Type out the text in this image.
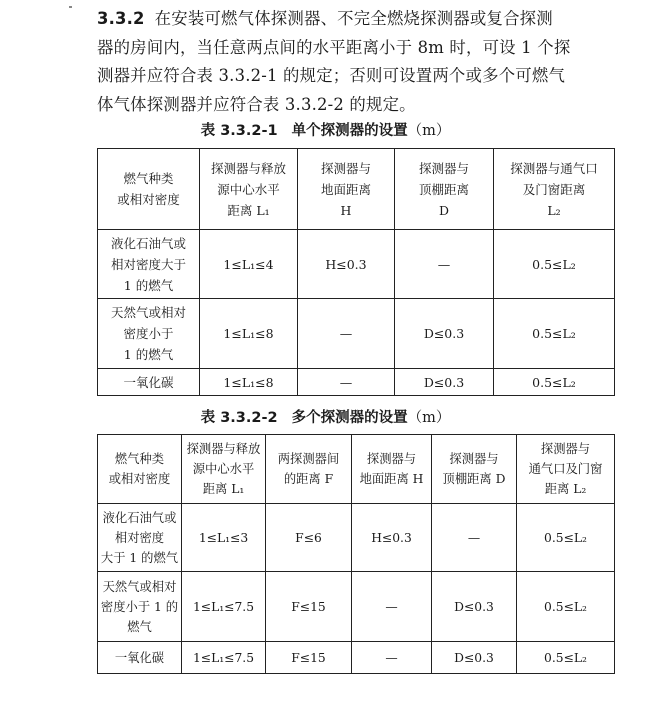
3.3.2 在安装可燃气体探测器、不完全燃烧探测器或复合探测
器的房间内，当任意两点间的水平距离小于 8m 时，可设 1 个探
测器并应符合表 3.3.2-1 的规定；否则可设置两个或多个可燃气
体气体探测器并应符合表 3.3.2-2 的规定。
表 3.3.2-1 单个探测器的设置（m）
燃气种类
或相对密度	探测器与释放
源中心水平
距离 L₁	探测器与
地面距离
H	探测器与
顶棚距离
D	探测器与通气口
及门窗距离
L₂

液化石油气或
相对密度大于
1 的燃气	1≤L₁≤4	H≤0.3	—	0.5≤L₂

天然气或相对
密度小于
1 的燃气	1≤L₁≤8	—	D≤0.3	0.5≤L₂

一氧化碳	1≤L₁≤8	—	D≤0.3	0.5≤L₂
表 3.3.2-2 多个探测器的设置（m）
燃气种类
或相对密度	探测器与释放
源中心水平
距离 L₁	两探测器间
的距离 F	探测器与
地面距离 H	探测器与
顶棚距离 D	探测器与
通气口及门窗
距离 L₂

液化石油气或
相对密度
大于 1 的燃气	1≤L₁≤3	F≤6	H≤0.3	—	0.5≤L₂

天然气或相对
密度小于 1 的
燃气	1≤L₁≤7.5	F≤15	—	D≤0.3	0.5≤L₂

一氧化碳	1≤L₁≤7.5	F≤15	—	D≤0.3	0.5≤L₂
